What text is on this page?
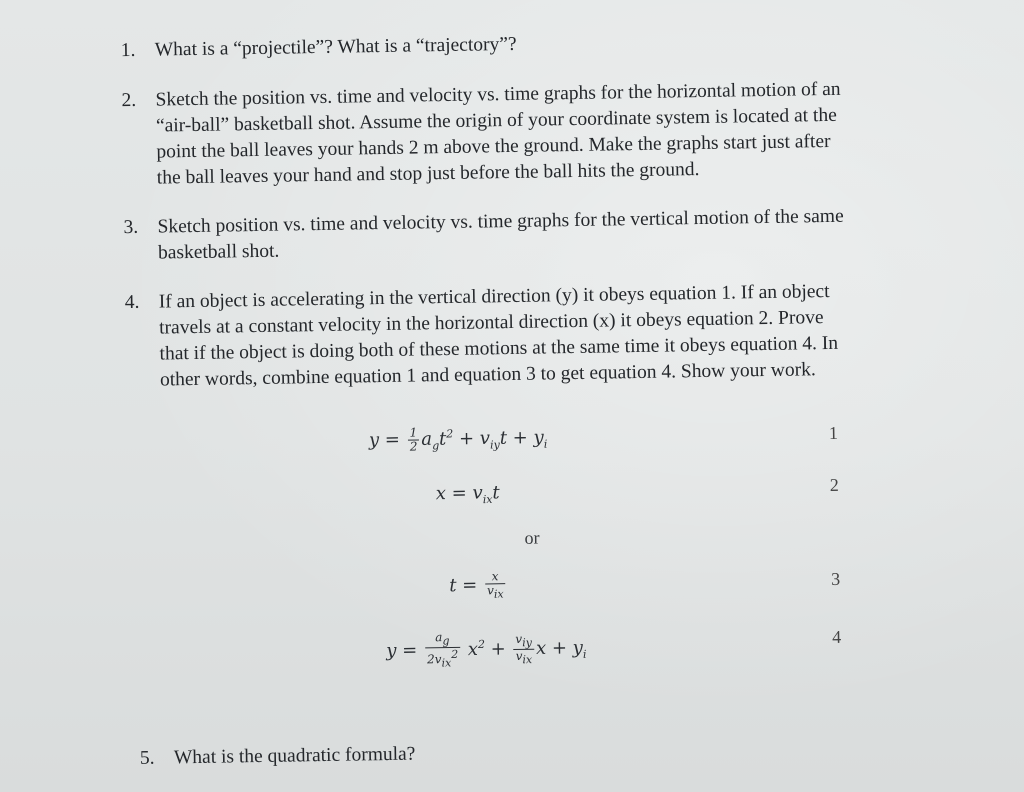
1. What is a “projectile”? What is a “trajectory”?
2. Sketch the position vs. time and velocity vs. time graphs for the horizontal motion of an
“air-ball” basketball shot. Assume the origin of your coordinate system is located at the
point the ball leaves your hands 2 m above the ground. Make the graphs start just after
the ball leaves your hand and stop just before the ball hits the ground.
3. Sketch position vs. time and velocity vs. time graphs for the vertical motion of the same
basketball shot.
4. If an object is accelerating in the vertical direction (y) it obeys equation 1. If an object
travels at a constant velocity in the horizontal direction (x) it obeys equation 2. Prove
that if the object is doing both of these motions at the same time it obeys equation 4. In
other words, combine equation 1 and equation 3 to get equation 4. Show your work.
$y = \frac{1}{2} a_gt^2 + v_{iy}t + y_i$
1
$x = v_{ix}t$	2
or
$t = \frac{x}{v_{ix}}$	3
$y = \frac{a_g}{2v_{ix}^2} x^2 + \frac{v_{iy}}{v_{ix}}$ $x + y_i$
4
5. What is the quadratic formula?
